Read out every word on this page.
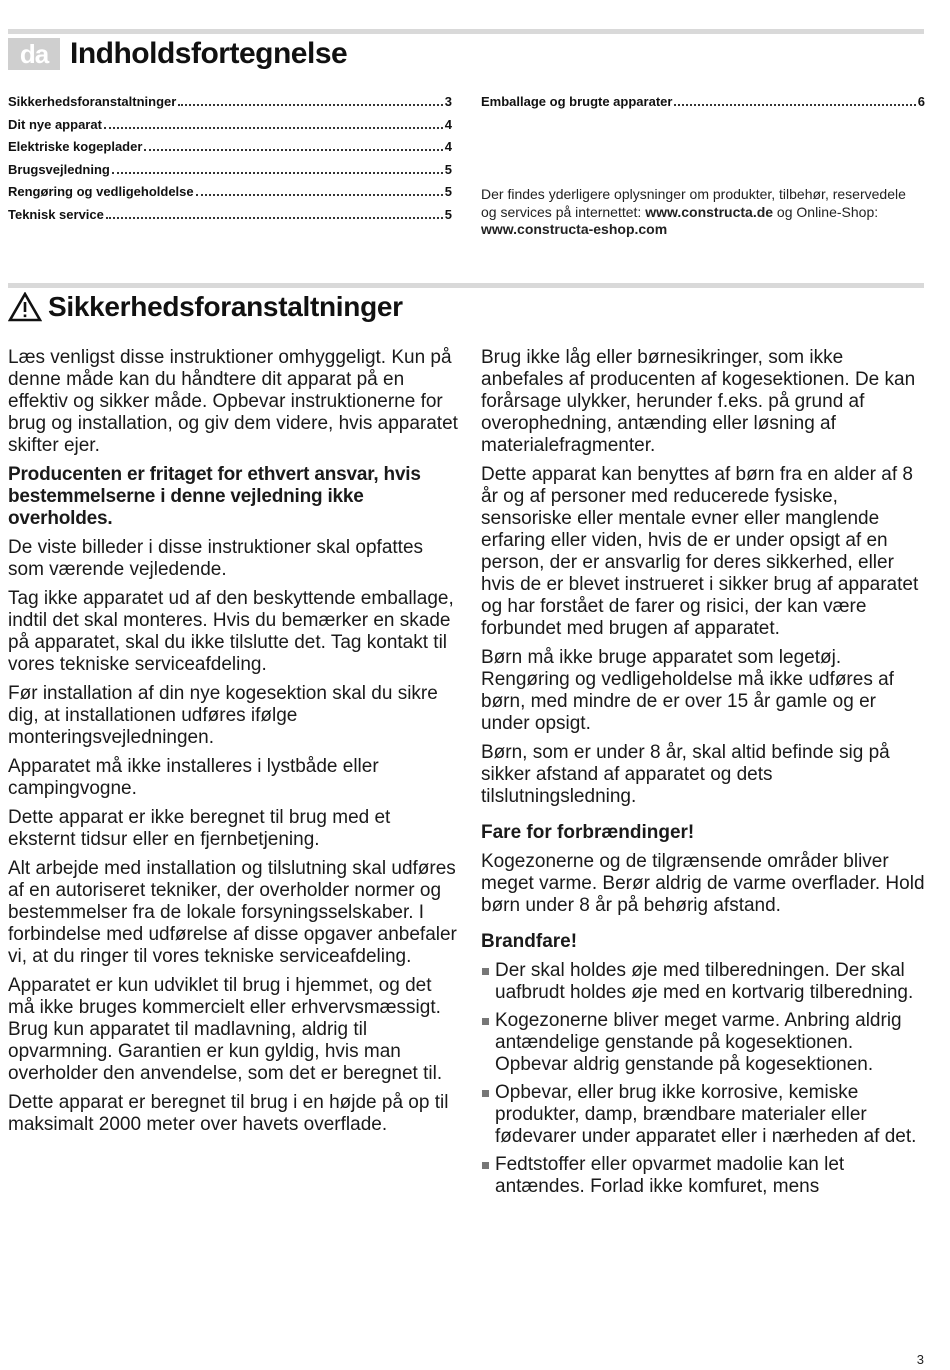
da Indholdsfortegnelse
Sikkerhedsforanstaltninger	3
Dit nye apparat	4
Elektriske kogeplader	4
Brugsvejledning	5
Rengøring og vedligeholdelse	5
Teknisk service	5
Emballage og brugte apparater	6
Der findes yderligere oplysninger om produkter, tilbehør, reservedele og services på internettet: www.constructa.de og Online-Shop: www.constructa-eshop.com
Sikkerhedsforanstaltninger

Læs venligst disse instruktioner omhyggeligt. Kun på denne måde kan du håndtere dit apparat på en effektiv og sikker måde. Opbevar instruktionerne for brug og installation, og giv dem videre, hvis apparatet skifter ejer.

Producenten er fritaget for ethvert ansvar, hvis bestemmelserne i denne vejledning ikke overholdes.

De viste billeder i disse instruktioner skal opfattes som værende vejledende.

Tag ikke apparatet ud af den beskyttende emballage, indtil det skal monteres. Hvis du bemærker en skade på apparatet, skal du ikke tilslutte det. Tag kontakt til vores tekniske serviceafdeling.

Før installation af din nye kogesektion skal du sikre dig, at installationen udføres ifølge monteringsvejledningen.

Apparatet må ikke installeres i lystbåde eller campingvogne.

Dette apparat er ikke beregnet til brug med et eksternt tidsur eller en fjernbetjening.

Alt arbejde med installation og tilslutning skal udføres af en autoriseret tekniker, der overholder normer og bestemmelser fra de lokale forsyningsselskaber. I forbindelse med udførelse af disse opgaver anbefaler vi, at du ringer til vores tekniske serviceafdeling.

Apparatet er kun udviklet til brug i hjemmet, og det må ikke bruges kommercielt eller erhvervsmæssigt. Brug kun apparatet til madlavning, aldrig til opvarmning. Garantien er kun gyldig, hvis man overholder den anvendelse, som det er beregnet til.

Dette apparat er beregnet til brug i en højde på op til maksimalt 2000 meter over havets overflade.

Brug ikke låg eller børnesikringer, som ikke anbefales af producenten af kogesektionen. De kan forårsage ulykker, herunder f.eks. på grund af overophedning, antænding eller løsning af materialefragmenter.

Dette apparat kan benyttes af børn fra en alder af 8 år og af personer med reducerede fysiske, sensoriske eller mentale evner eller manglende erfaring eller viden, hvis de er under opsigt af en person, der er ansvarlig for deres sikkerhed, eller hvis de er blevet instrueret i sikker brug af apparatet og har forstået de farer og risici, der kan være forbundet med brugen af apparatet.

Børn må ikke bruge apparatet som legetøj. Rengøring og vedligeholdelse må ikke udføres af børn, med mindre de er over 15 år gamle og er under opsigt.

Børn, som er under 8 år, skal altid befinde sig på sikker afstand af apparatet og dets tilslutningsledning.

Fare for forbrændinger!

Kogezonerne og de tilgrænsende områder bliver meget varme. Berør aldrig de varme overflader. Hold børn under 8 år på behørig afstand.

Brandfare!
Der skal holdes øje med tilberedningen. Der skal uafbrudt holdes øje med en kortvarig tilberedning.
Kogezonerne bliver meget varme. Anbring aldrig antændelige genstande på kogesektionen. Opbevar aldrig genstande på kogesektionen.
Opbevar, eller brug ikke korrosive, kemiske produkter, damp, brændbare materialer eller fødevarer under apparatet eller i nærheden af det.
Fedtstoffer eller opvarmet madolie kan let antændes. Forlad ikke komfuret, mens
3
